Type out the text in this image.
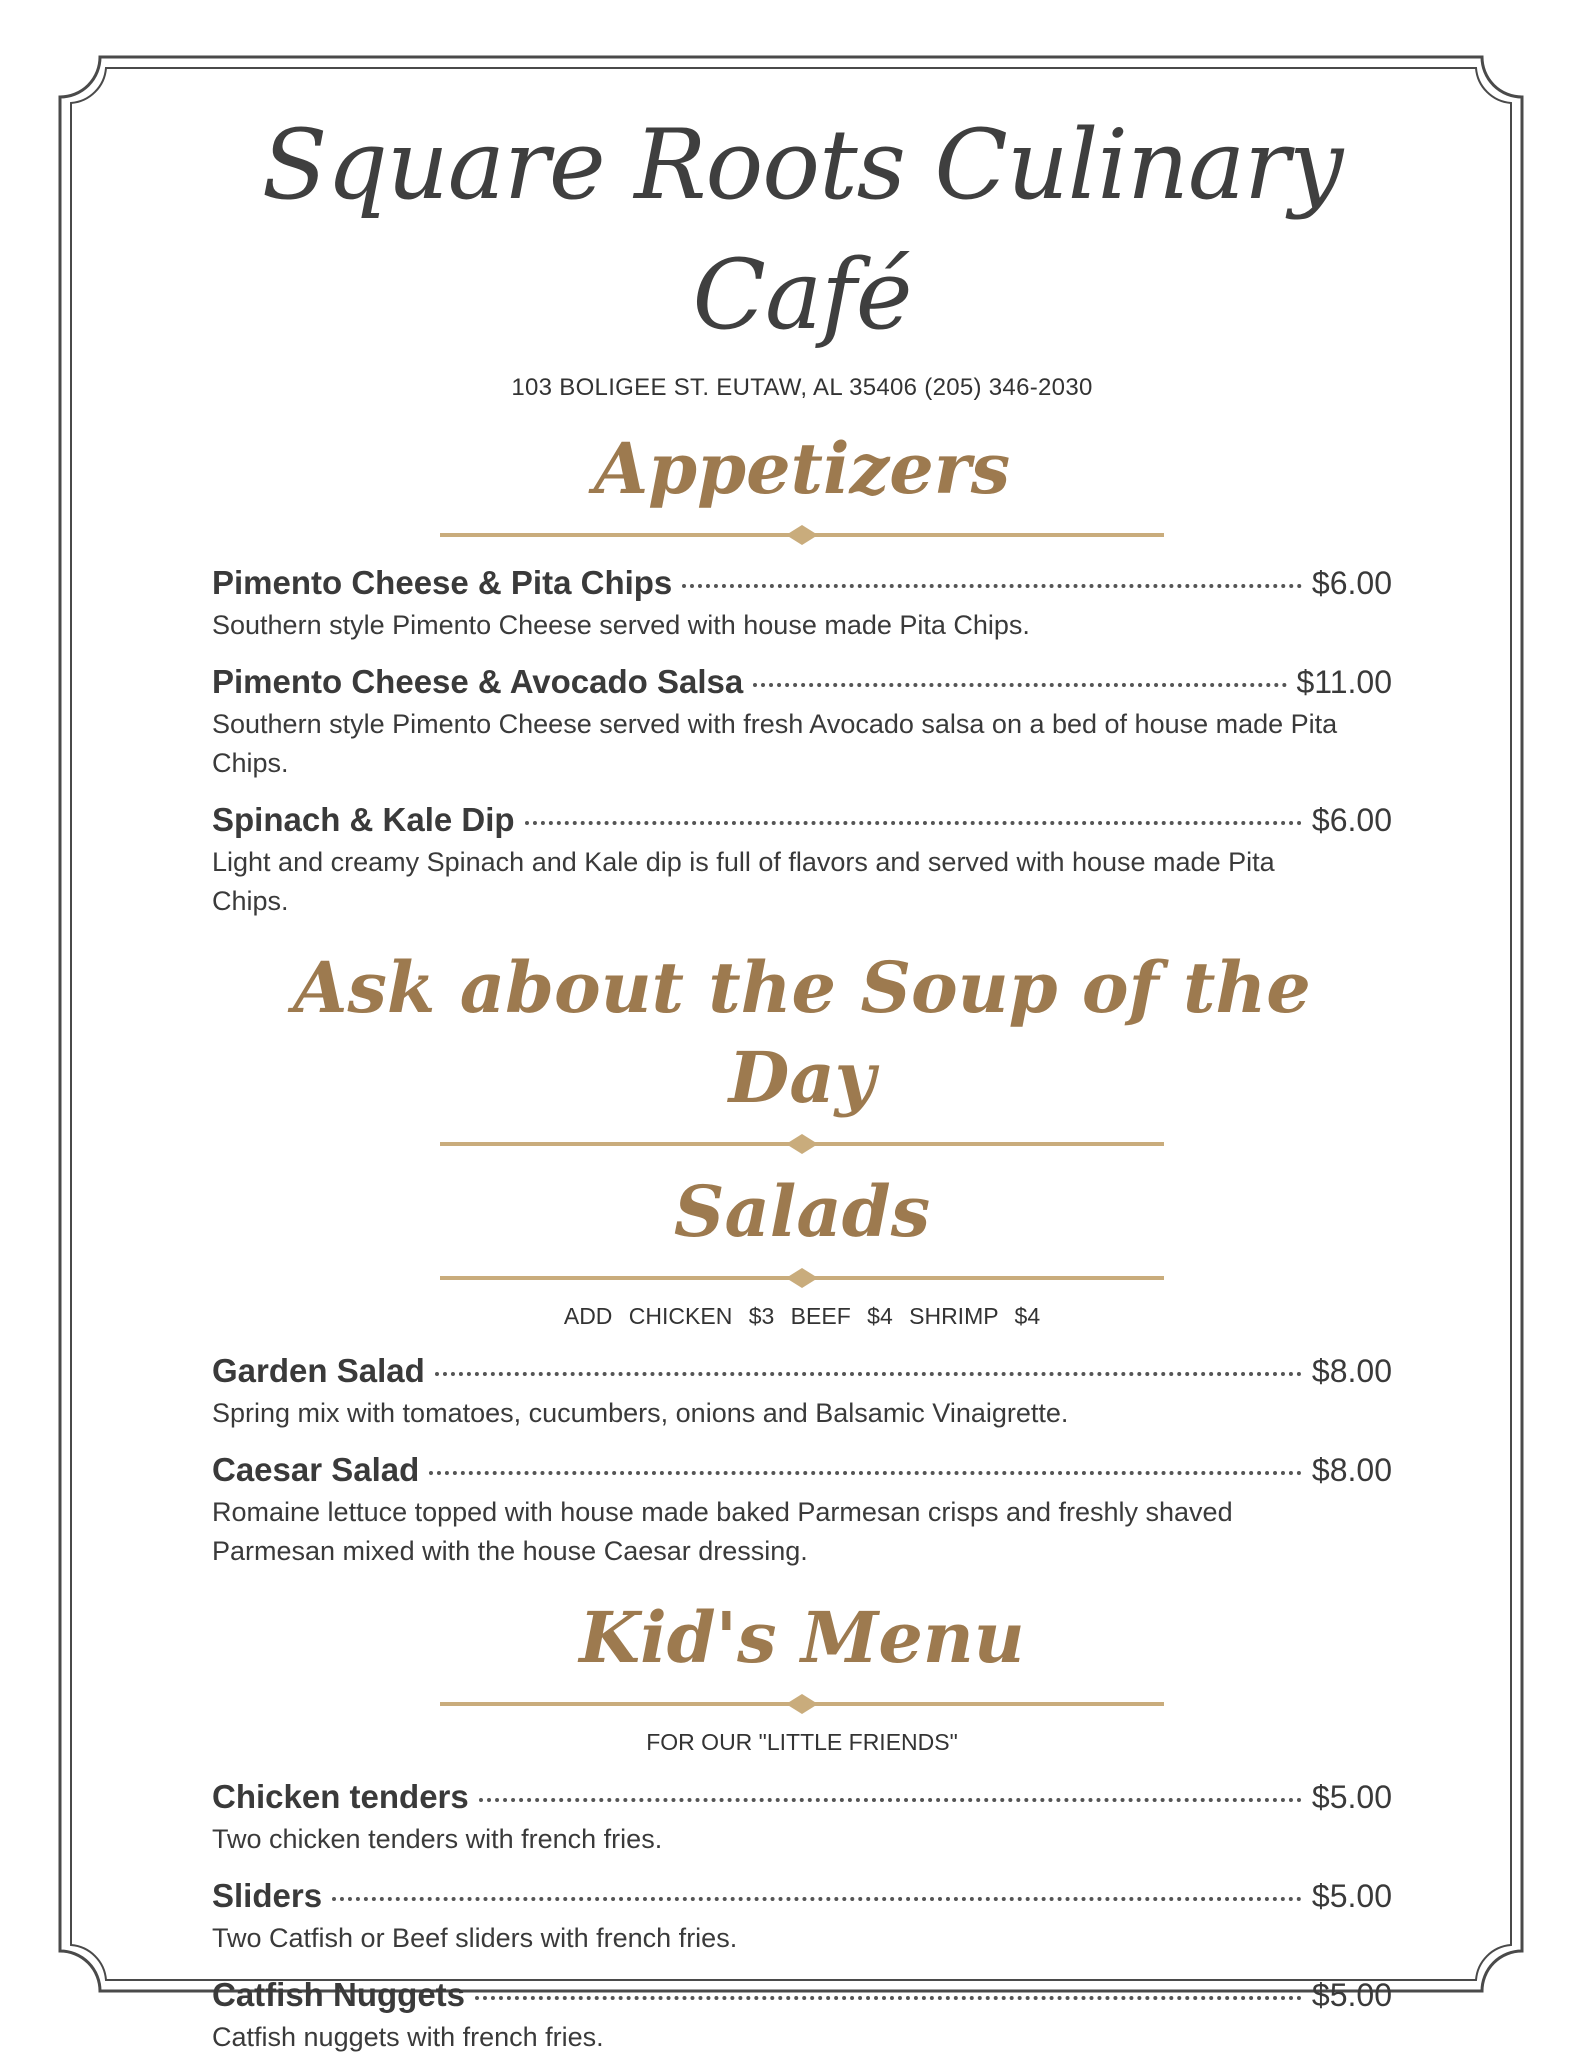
Square Roots Culinary Café
103 BOLIGEE ST. EUTAW, AL 35406 (205) 346-2030
Appetizers
Pimento Cheese & Pita Chips	$6.00
Southern style Pimento Cheese served with house made Pita Chips.
Pimento Cheese & Avocado Salsa	$11.00
Southern style Pimento Cheese served with fresh Avocado salsa on a bed of house made Pita Chips.
Spinach & Kale Dip	$6.00
Light and creamy Spinach and Kale dip is full of flavors and served with house made Pita Chips.
Ask about the Soup of the Day
Salads
ADD CHICKEN $3 BEEF $4 SHRIMP $4
Garden Salad	$8.00
Spring mix with tomatoes, cucumbers, onions and Balsamic Vinaigrette.
Caesar Salad	$8.00
Romaine lettuce topped with house made baked Parmesan crisps and freshly shaved Parmesan mixed with the house Caesar dressing.
Kid's Menu
FOR OUR "LITTLE FRIENDS"
Chicken tenders	$5.00
Two chicken tenders with french fries.
Sliders	$5.00
Two Catfish or Beef sliders with french fries.
Catfish Nuggets	$5.00
Catfish nuggets with french fries.
